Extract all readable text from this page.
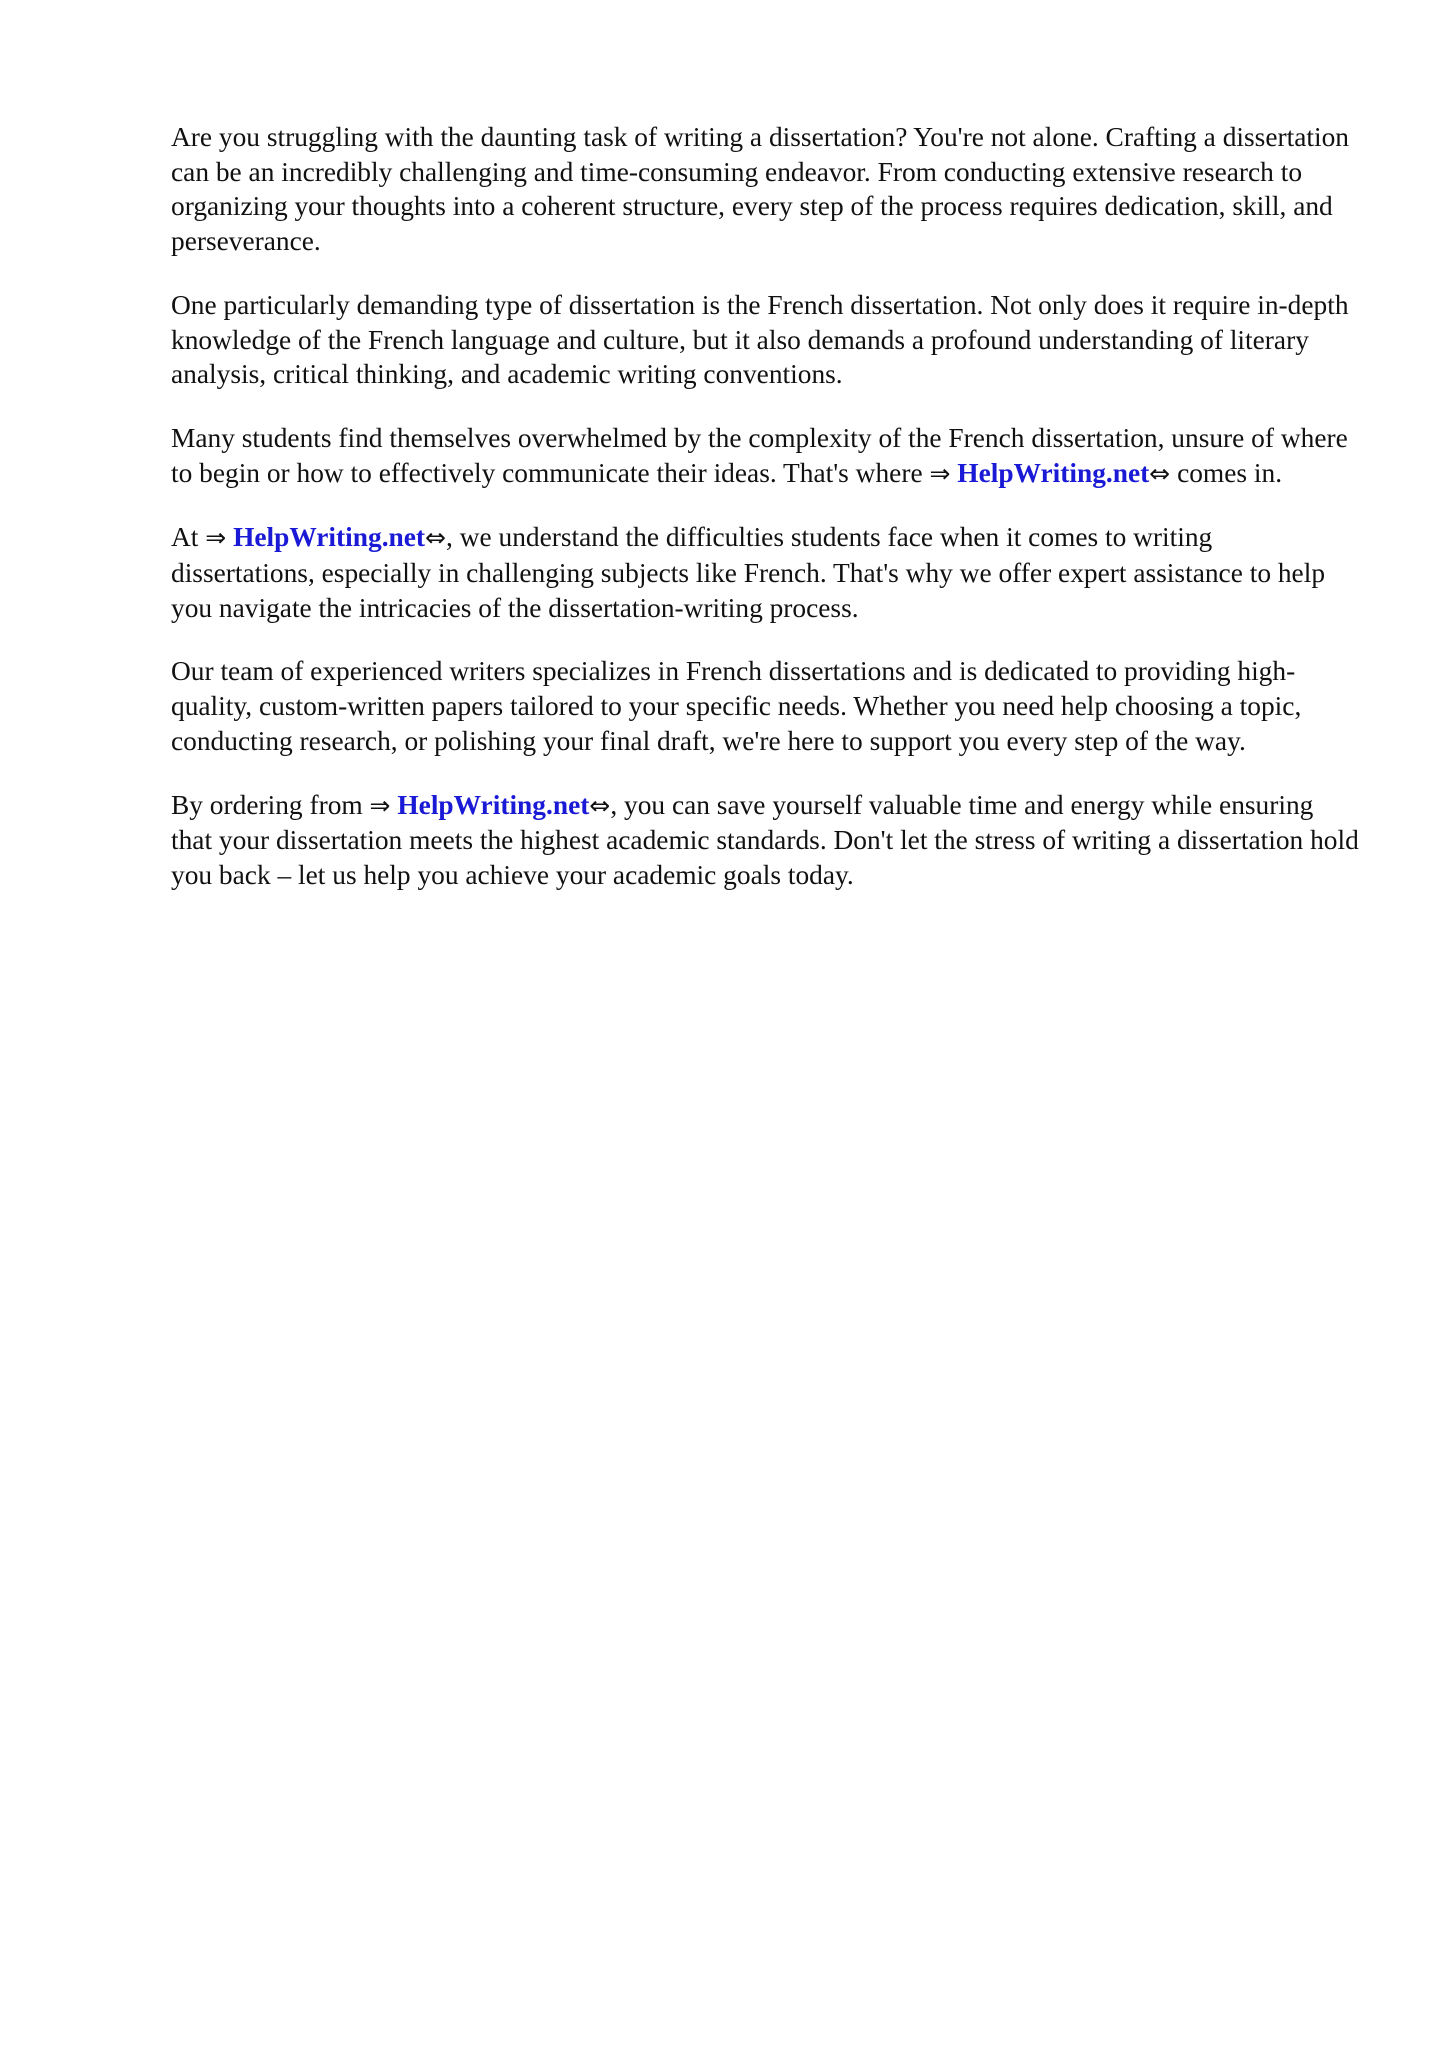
Are you struggling with the daunting task of writing a dissertation? You're not alone. Crafting a dissertation can be an incredibly challenging and time-consuming endeavor. From conducting extensive research to organizing your thoughts into a coherent structure, every step of the process requires dedication, skill, and perseverance.

One particularly demanding type of dissertation is the French dissertation. Not only does it require in-depth knowledge of the French language and culture, but it also demands a profound understanding of literary analysis, critical thinking, and academic writing conventions.

Many students find themselves overwhelmed by the complexity of the French dissertation, unsure of where to begin or how to effectively communicate their ideas. That's where ⇒ HelpWriting.net⇔ comes in.

At ⇒ HelpWriting.net⇔, we understand the difficulties students face when it comes to writing dissertations, especially in challenging subjects like French. That's why we offer expert assistance to help you navigate the intricacies of the dissertation-writing process.

Our team of experienced writers specializes in French dissertations and is dedicated to providing high-quality, custom-written papers tailored to your specific needs. Whether you need help choosing a topic, conducting research, or polishing your final draft, we're here to support you every step of the way.

By ordering from ⇒ HelpWriting.net⇔, you can save yourself valuable time and energy while ensuring that your dissertation meets the highest academic standards. Don't let the stress of writing a dissertation hold you back – let us help you achieve your academic goals today.
